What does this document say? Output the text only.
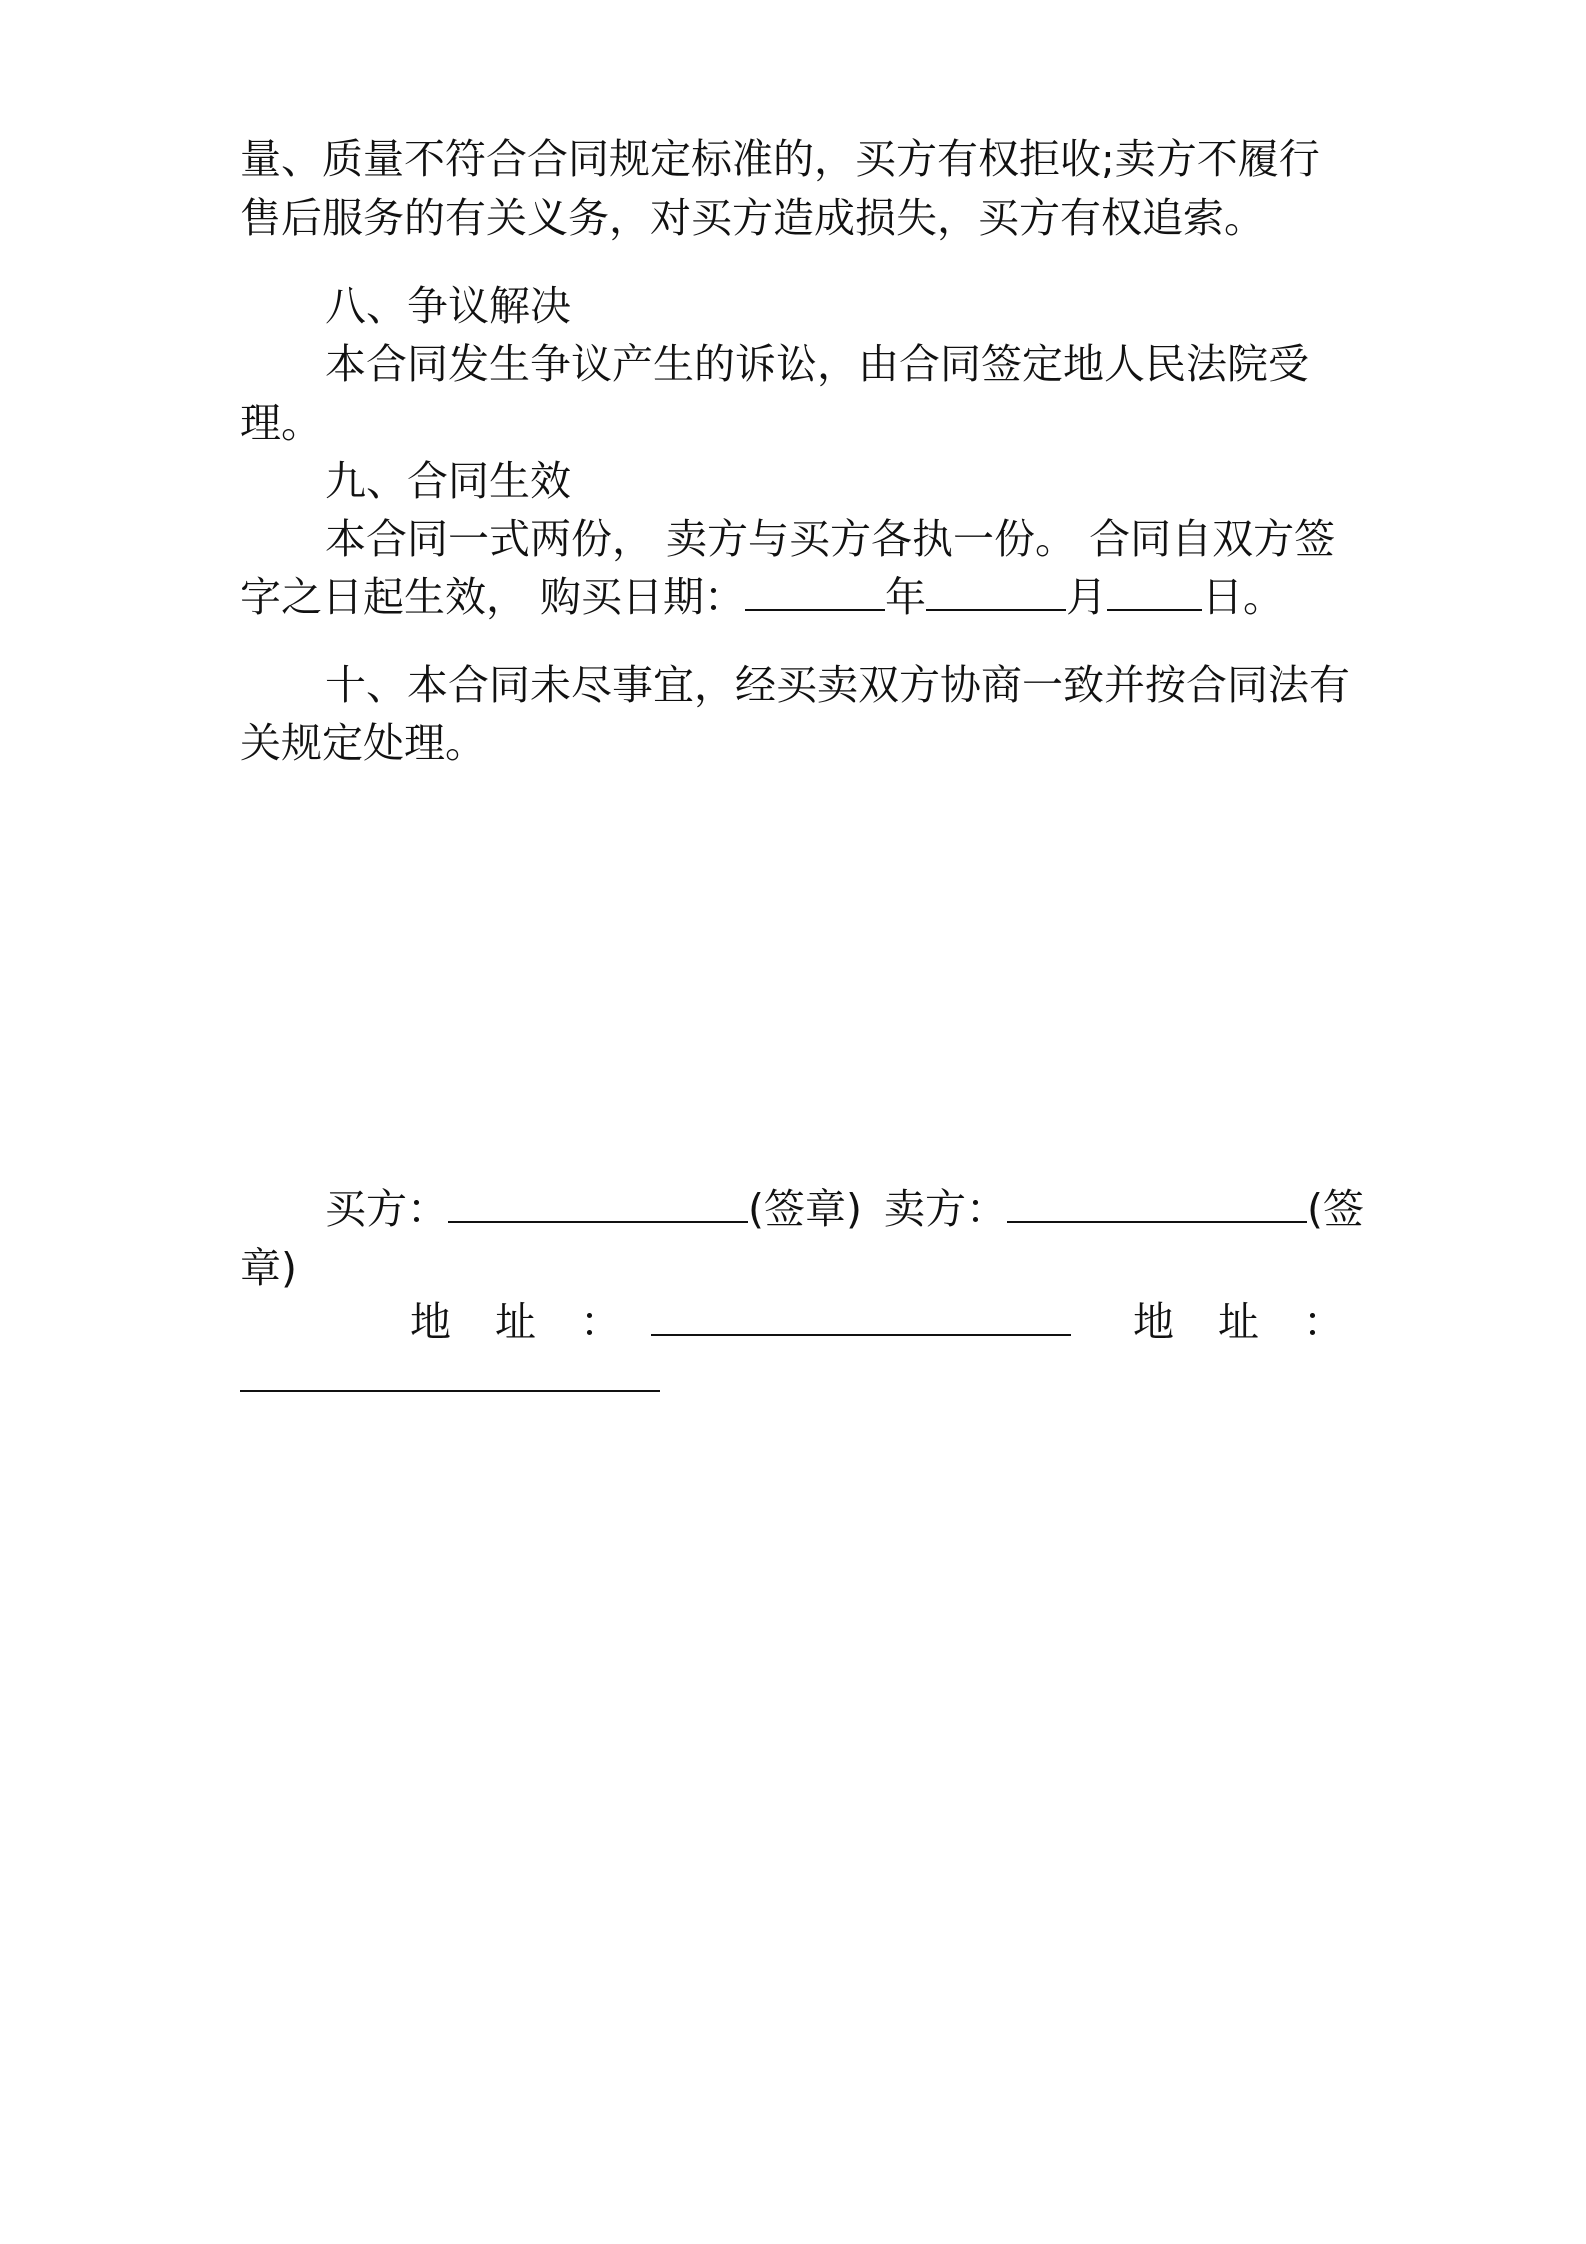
量、质量不符合合同规定标准的，买方有权拒收;卖方不履行
售后服务的有关义务，对买方造成损失，买方有权追索。
八、争议解决
本合同发生争议产生的诉讼，由合同签定地人民法院受
理。
九、合同生效
本合同一式两份， 卖方与买方各执一份。 合同自双方签
字之日起生效， 购买日期：	年	月 日。
十、本合同未尽事宜，经买卖双方协商一致并按合同法有
关规定处理。
买方：	(签章) 卖方：	(签
章)
地 址 ：	地 址 ：
